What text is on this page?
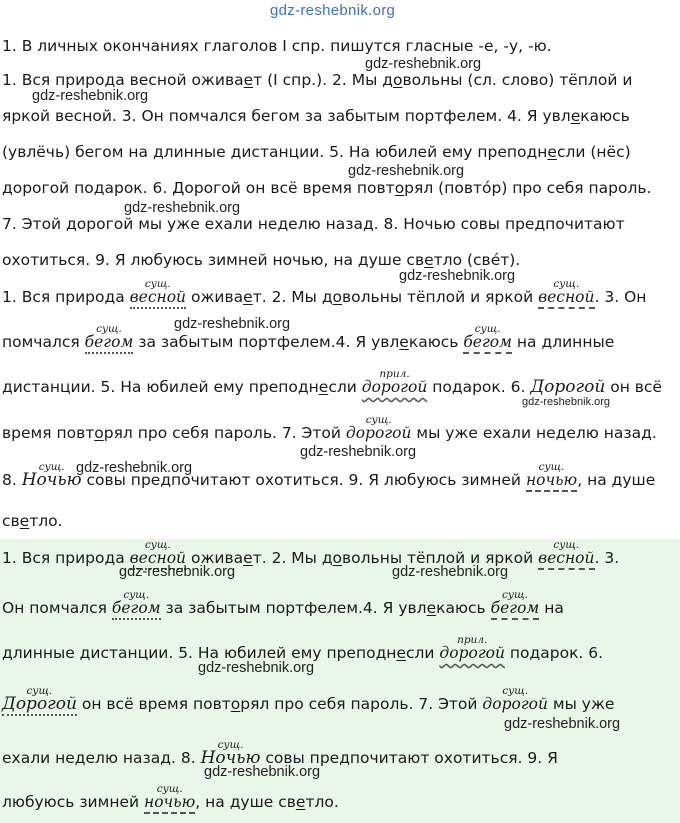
gdz-reshebnik.org
1. В личных окончаниях глаголов I спр. пишутся гласные -е, -у, -ю.
1. Вся природа весной оживaет (I спр.). 2. Мы довольны (сл. слово) тёплой и
яркой весной. 3. Он помчался бегом за забытым портфелем. 4. Я увлекаюсь
(увлёчь) бегом на длинные дистанции. 5. На юбилей ему преподнесли (нёс)
дорогой подарок. 6. Дорогой он всё время повторял (повтóр) про себя пароль.
7. Этой дорогой мы уже ехали неделю назад. 8. Ночью совы предпочитают
охотиться. 9. Я любуюсь зимней ночью, на душе светло (свéт).
1. Вся природа
сущ.
весной оживaет. 2. Мы довольны тёплой и яркой
сущ.
весной. 3. Он
помчался
сущ.
бегом за забытым портфелем.4. Я увлекаюсь
сущ.
бегом на длинные
дистанции. 5. На юбилей ему преподнесли
прил.
дорогой подарок. 6. Дорогой он всё
время повторял про себя пароль. 7. Этой
сущ.
дорогой мы уже ехали неделю назад.
8.
сущ.
Ночью совы предпочитают охотиться. 9. Я любуюсь зимней
сущ.
ночью, на душе
светло.
1. Вся природа
сущ.
весной оживaет. 2. Мы довольны тёплой и яркой
сущ.
весной. 3.
Он помчался
сущ.
бегом за забытым портфелем.4. Я увлекаюсь
сущ.
бегом на
длинные дистанции. 5. На юбилей ему преподнесли
прил.
дорогой подарок. 6.
сущ.
Дорогой он всё время повторял про себя пароль. 7. Этой
сущ.
дорогой мы уже
ехали неделю назад. 8.
сущ.
Ночью совы предпочитают охотиться. 9. Я
любуюсь зимней
сущ.
ночью, на душе светло.
gdz-reshebnik.org
gdz-reshebnik.org
gdz-reshebnik.org
gdz-reshebnik.org
gdz-reshebnik.org
gdz-reshebnik.org
gdz-reshebnik.org
gdz-reshebnik.org
gdz-reshebnik.org
gdz-reshebnik.org	gdz-reshebnik.org
gdz-reshebnik.org
gdz-reshebnik.org
gdz-reshebnik.org
